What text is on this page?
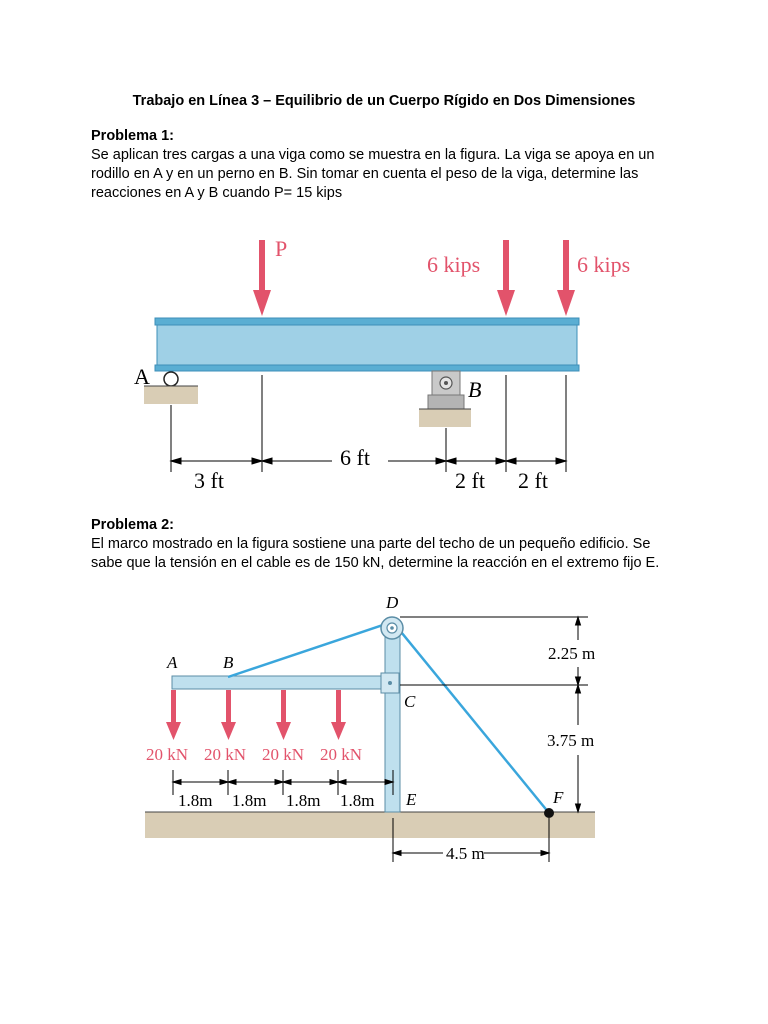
Trabajo en Línea 3 – Equilibrio de un Cuerpo Rígido en Dos Dimensiones
Problema 1:
Se aplican tres cargas a una viga como se muestra en la figura. La viga se apoya en un
rodillo en A y en un perno en B. Sin tomar en cuenta el peso de la viga, determine las
reacciones en A y B cuando P= 15 kips
Problema 2:
El marco mostrado en la figura sostiene una parte del techo de un pequeño edificio. Se
sabe que la tensión en el cable es de 150 kN, determine la reacción en el extremo fijo E.
P
6 kips	6 kips
A
B
3 ft
6 ft
2 ft 2 ft
20 kN 20 kN 20 kN 20 kN
A	B
C
D
E	F
1.8m 1.8m 1.8m 1.8m
2.25 m
3.75 m
4.5 m
